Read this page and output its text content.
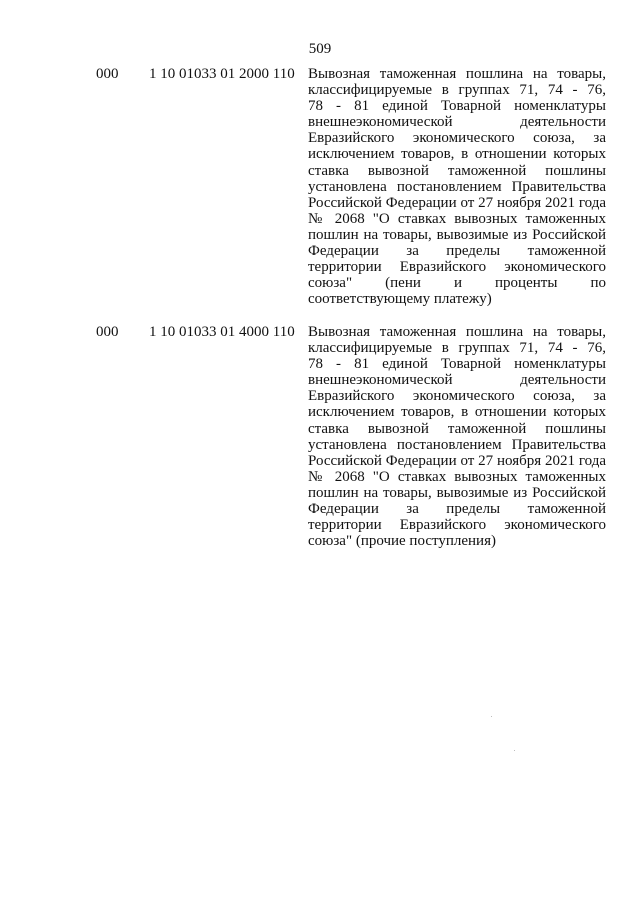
509
000 1 10 01033 01 2000 110 Вывозная таможенная пошлина на товары,
классифицируемые в группах 71, 74 - 76,
78 - 81 единой Товарной номенклатуры
внешнеэкономической деятельности
Евразийского экономического союза, за
исключением товаров, в отношении которых
ставка вывозной таможенной пошлины
установлена постановлением Правительства
Российской Федерации от 27 ноября 2021 года
№ 2068 "О ставках вывозных таможенных
пошлин на товары, вывозимые из Российской
Федерации за пределы таможенной
территории Евразийского экономического
союза" (пени и проценты по
соответствующему платежу)
000 1 10 01033 01 4000 110 Вывозная таможенная пошлина на товары,
классифицируемые в группах 71, 74 - 76,
78 - 81 единой Товарной номенклатуры
внешнеэкономической деятельности
Евразийского экономического союза, за
исключением товаров, в отношении которых
ставка вывозной таможенной пошлины
установлена постановлением Правительства
Российской Федерации от 27 ноября 2021 года
№ 2068 "О ставках вывозных таможенных
пошлин на товары, вывозимые из Российской
Федерации за пределы таможенной
территории Евразийского экономического
союза" (прочие поступления)
